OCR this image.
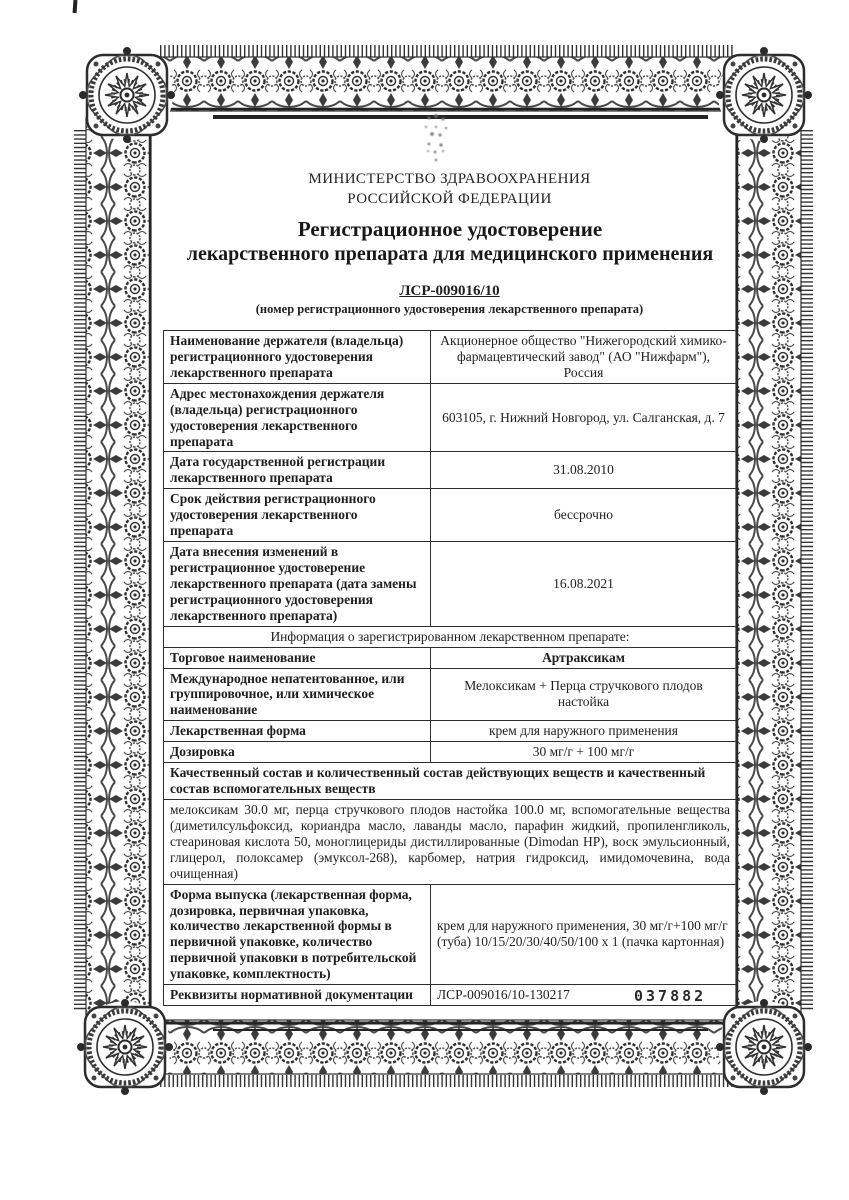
МИНИСТЕРСТВО ЗДРАВООХРАНЕНИЯ
РОССИЙСКОЙ ФЕДЕРАЦИИ
Регистрационное удостоверение
лекарственного препарата для медицинского применения
ЛСР-009016/10
(номер регистрационного удостоверения лекарственного препарата)
Наименование держателя (владельца) регистрационного удостоверения лекарственного препарата	Акционерное общество "Нижегородский химико-фармацевтический завод" (АО "Нижфарм"), Россия
Адрес местонахождения держателя (владельца) регистрационного удостоверения лекарственного препарата	603105, г. Нижний Новгород, ул. Салганская, д. 7
Дата государственной регистрации лекарственного препарата	31.08.2010
Срок действия регистрационного удостоверения лекарственного препарата	бессрочно
Дата внесения изменений в регистрационное удостоверение лекарственного препарата (дата замены регистрационного удостоверения лекарственного препарата)	16.08.2021
Информация о зарегистрированном лекарственном препарате:	
Торговое наименование	Артраксикам
Международное непатентованное, или группировочное, или химическое наименование	Мелоксикам + Перца стручкового плодов настойка
Лекарственная форма	крем для наружного применения
Дозировка	30 мг/г + 100 мг/г
Качественный состав и количественный состав действующих веществ и качественный состав вспомогательных веществ	
мелоксикам 30.0 мг, перца стручкового плодов настойка 100.0 мг, вспомогательные вещества (диметилсульфоксид, кориандра масло, лаванды масло, парафин жидкий, пропиленгликоль, стеариновая кислота 50, моноглицериды дистиллированные (Dimodan HP), воск эмульсионный, глицерол, полоксамер (эмуксол-268), карбомер, натрия гидроксид, имидомочевина, вода очищенная)	
Форма выпуска (лекарственная форма, дозировка, первичная упаковка, количество лекарственной формы в первичной упаковке, количество первичной упаковки в потребительской упаковке, комплектность)	крем для наружного применения, 30 мг/г+100 мг/г (туба) 10/15/20/30/40/50/100 х 1 (пачка картонная)
Реквизиты нормативной документации	ЛСР-009016/10-130217	037882
